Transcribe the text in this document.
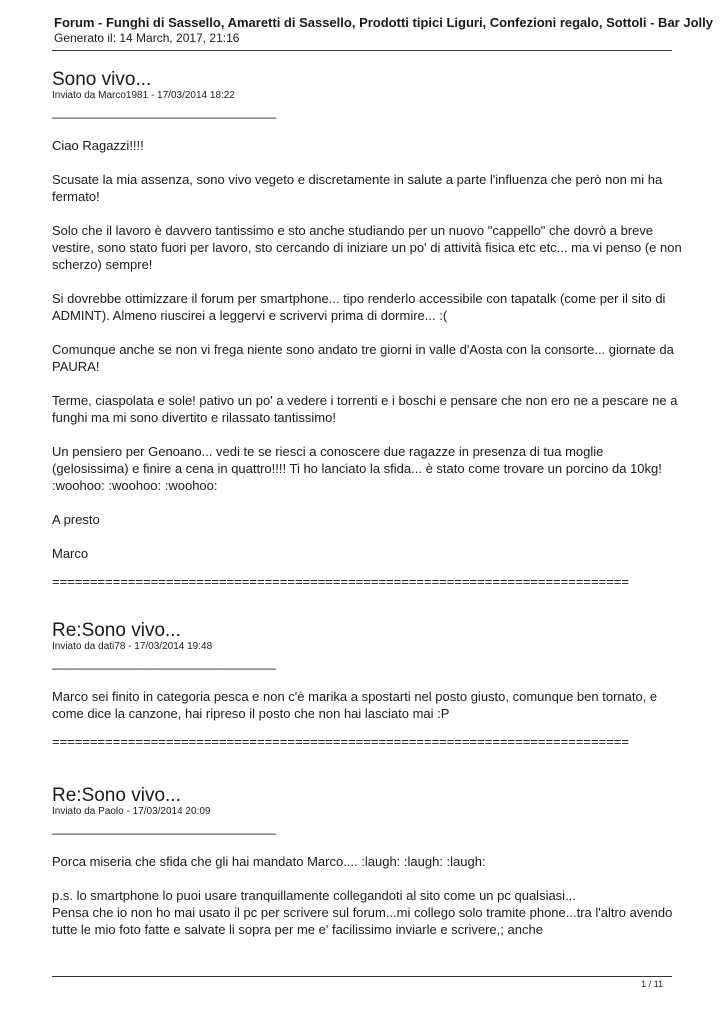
Forum - Funghi di Sassello, Amaretti di Sassello, Prodotti tipici Liguri, Confezioni regalo, Sottoli - Bar Jolly
Generato il: 14 March, 2017, 21:16
Sono vivo...
Inviato da Marco1981 - 17/03/2014 18:22
_______________________________

Ciao Ragazzi!!!!

Scusate la mia assenza, sono vivo vegeto e discretamente in salute a parte l'influenza che però non mi ha fermato!

Solo che il lavoro è davvero tantissimo e sto anche studiando per un nuovo "cappello" che dovrò a breve vestire, sono stato fuori per lavoro, sto cercando di iniziare un po' di attività fisica etc etc... ma vi penso (e non scherzo) sempre!

Si dovrebbe ottimizzare il forum per smartphone... tipo renderlo accessibile con tapatalk (come per il sito di ADMINT). Almeno riuscirei a leggervi e scrivervi prima di dormire... :(

Comunque anche se non vi frega niente sono andato tre giorni in valle d'Aosta con la consorte... giornate da PAURA!

Terme, ciaspolata e sole! pativo un po' a vedere i torrenti e i boschi e pensare che non ero ne a pescare ne a funghi ma mi sono divertito e rilassato tantissimo!

Un pensiero per Genoano... vedi te se riesci a conoscere due ragazze in presenza di tua moglie (gelosissima) e finire a cena in quattro!!!! Ti ho lanciato la sfida... è stato come trovare un porcino da 10kg! :woohoo: :woohoo: :woohoo:

A presto

Marco

============================================================================
Re:Sono vivo...
Inviato da dati78 - 17/03/2014 19:48
_______________________________

Marco sei finito in categoria pesca e non c'è marika a spostarti nel posto giusto, comunque ben tornato, e come dice la canzone, hai ripreso il posto che non hai lasciato mai :P

============================================================================
Re:Sono vivo...
Inviato da Paolo - 17/03/2014 20:09
_______________________________

Porca miseria che sfida che gli hai mandato Marco.... :laugh: :laugh: :laugh:

p.s. lo smartphone lo puoi usare tranquillamente collegandoti al sito come un pc qualsiasi...
Pensa che io non ho mai usato il pc per scrivere sul forum...mi collego solo tramite phone...tra l'altro avendo tutte le mio foto fatte e salvate li sopra per me e' facilissimo inviarle e scrivere,; anche

1 / 11
